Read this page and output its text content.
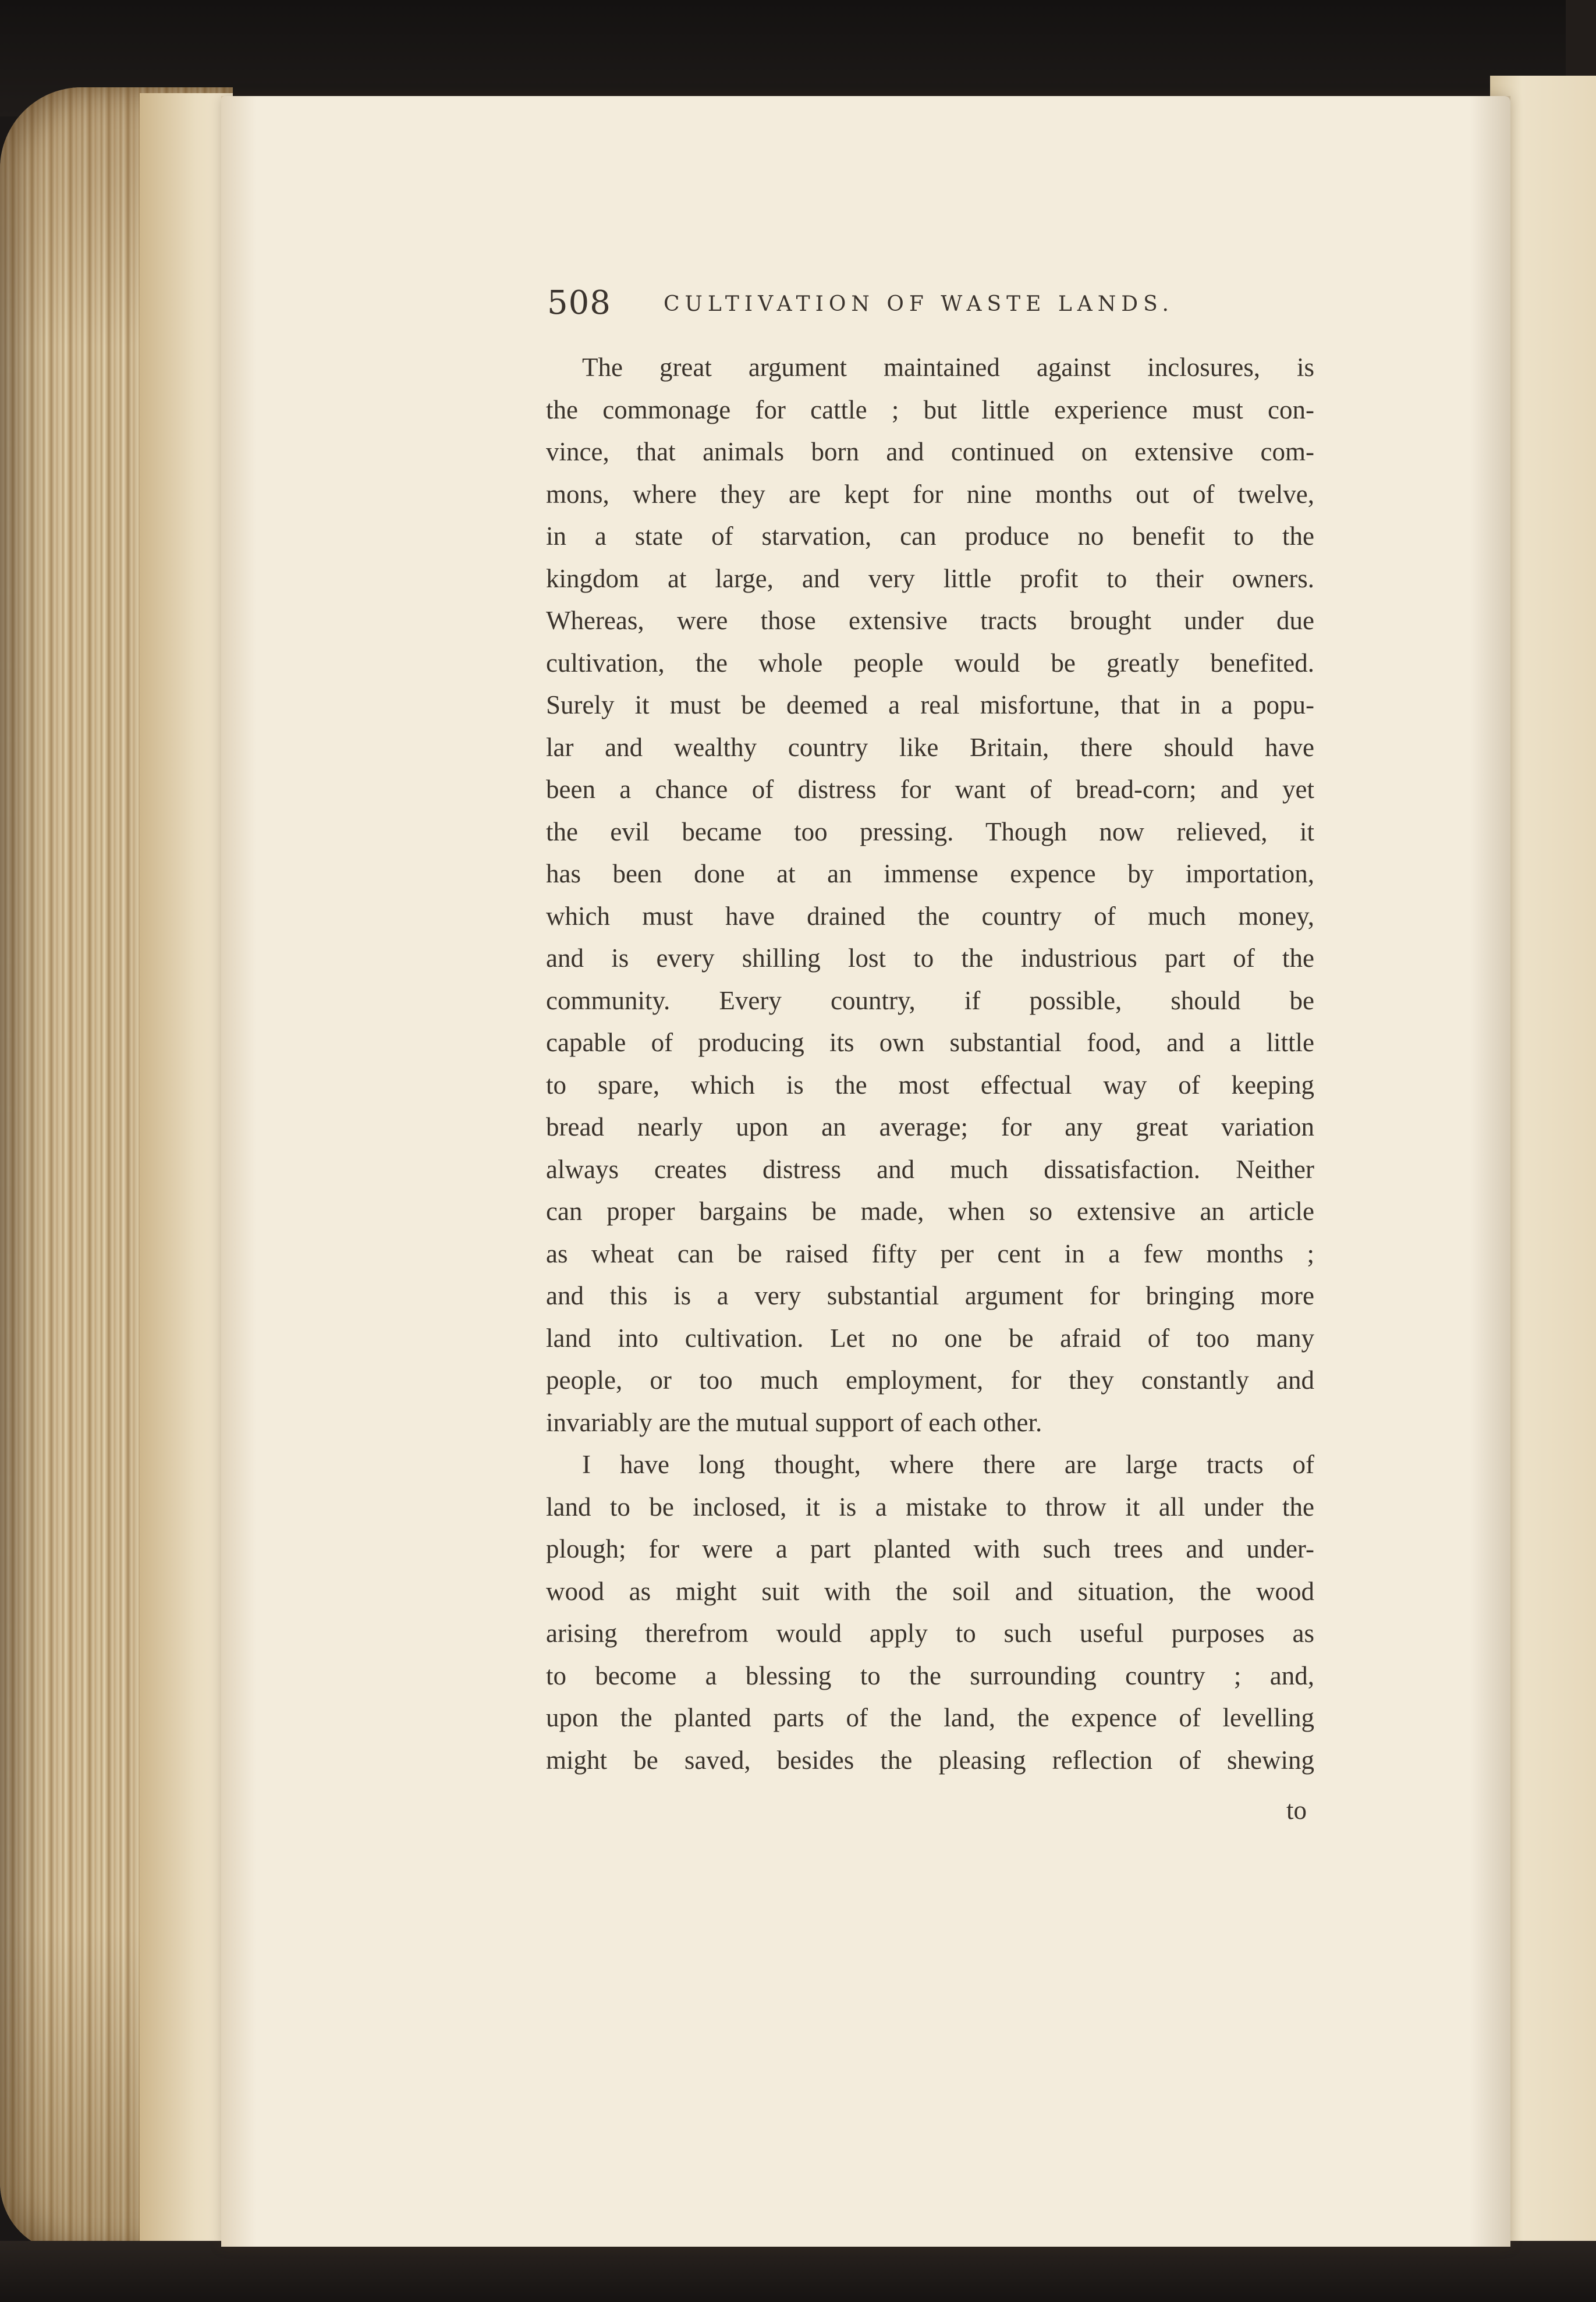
508	CULTIVATION OF WASTE LANDS.
The great argument maintained against inclosures, is
the commonage for cattle ; but little experience must con-
vince, that animals born and continued on extensive com-
mons, where they are kept for nine months out of twelve,
in a state of starvation, can produce no benefit to the
kingdom at large, and very little profit to their owners.
Whereas, were those extensive tracts brought under due
cultivation, the whole people would be greatly benefited.
Surely it must be deemed a real misfortune, that in a popu-
lar and wealthy country like Britain, there should have
been a chance of distress for want of bread-corn; and yet
the evil became too pressing. Though now relieved, it
has been done at an immense expence by importation,
which must have drained the country of much money,
and is every shilling lost to the industrious part of the
community. Every country, if possible, should be
capable of producing its own substantial food, and a little
to spare, which is the most effectual way of keeping
bread nearly upon an average; for any great variation
always creates distress and much dissatisfaction. Neither
can proper bargains be made, when so extensive an article
as wheat can be raised fifty per cent in a few months ;
and this is a very substantial argument for bringing more
land into cultivation. Let no one be afraid of too many
people, or too much employment, for they constantly and
invariably are the mutual support of each other.
I have long thought, where there are large tracts of
land to be inclosed, it is a mistake to throw it all under the
plough; for were a part planted with such trees and under-
wood as might suit with the soil and situation, the wood
arising therefrom would apply to such useful purposes as
to become a blessing to the surrounding country ; and,
upon the planted parts of the land, the expence of levelling
might be saved, besides the pleasing reflection of shewing
to
